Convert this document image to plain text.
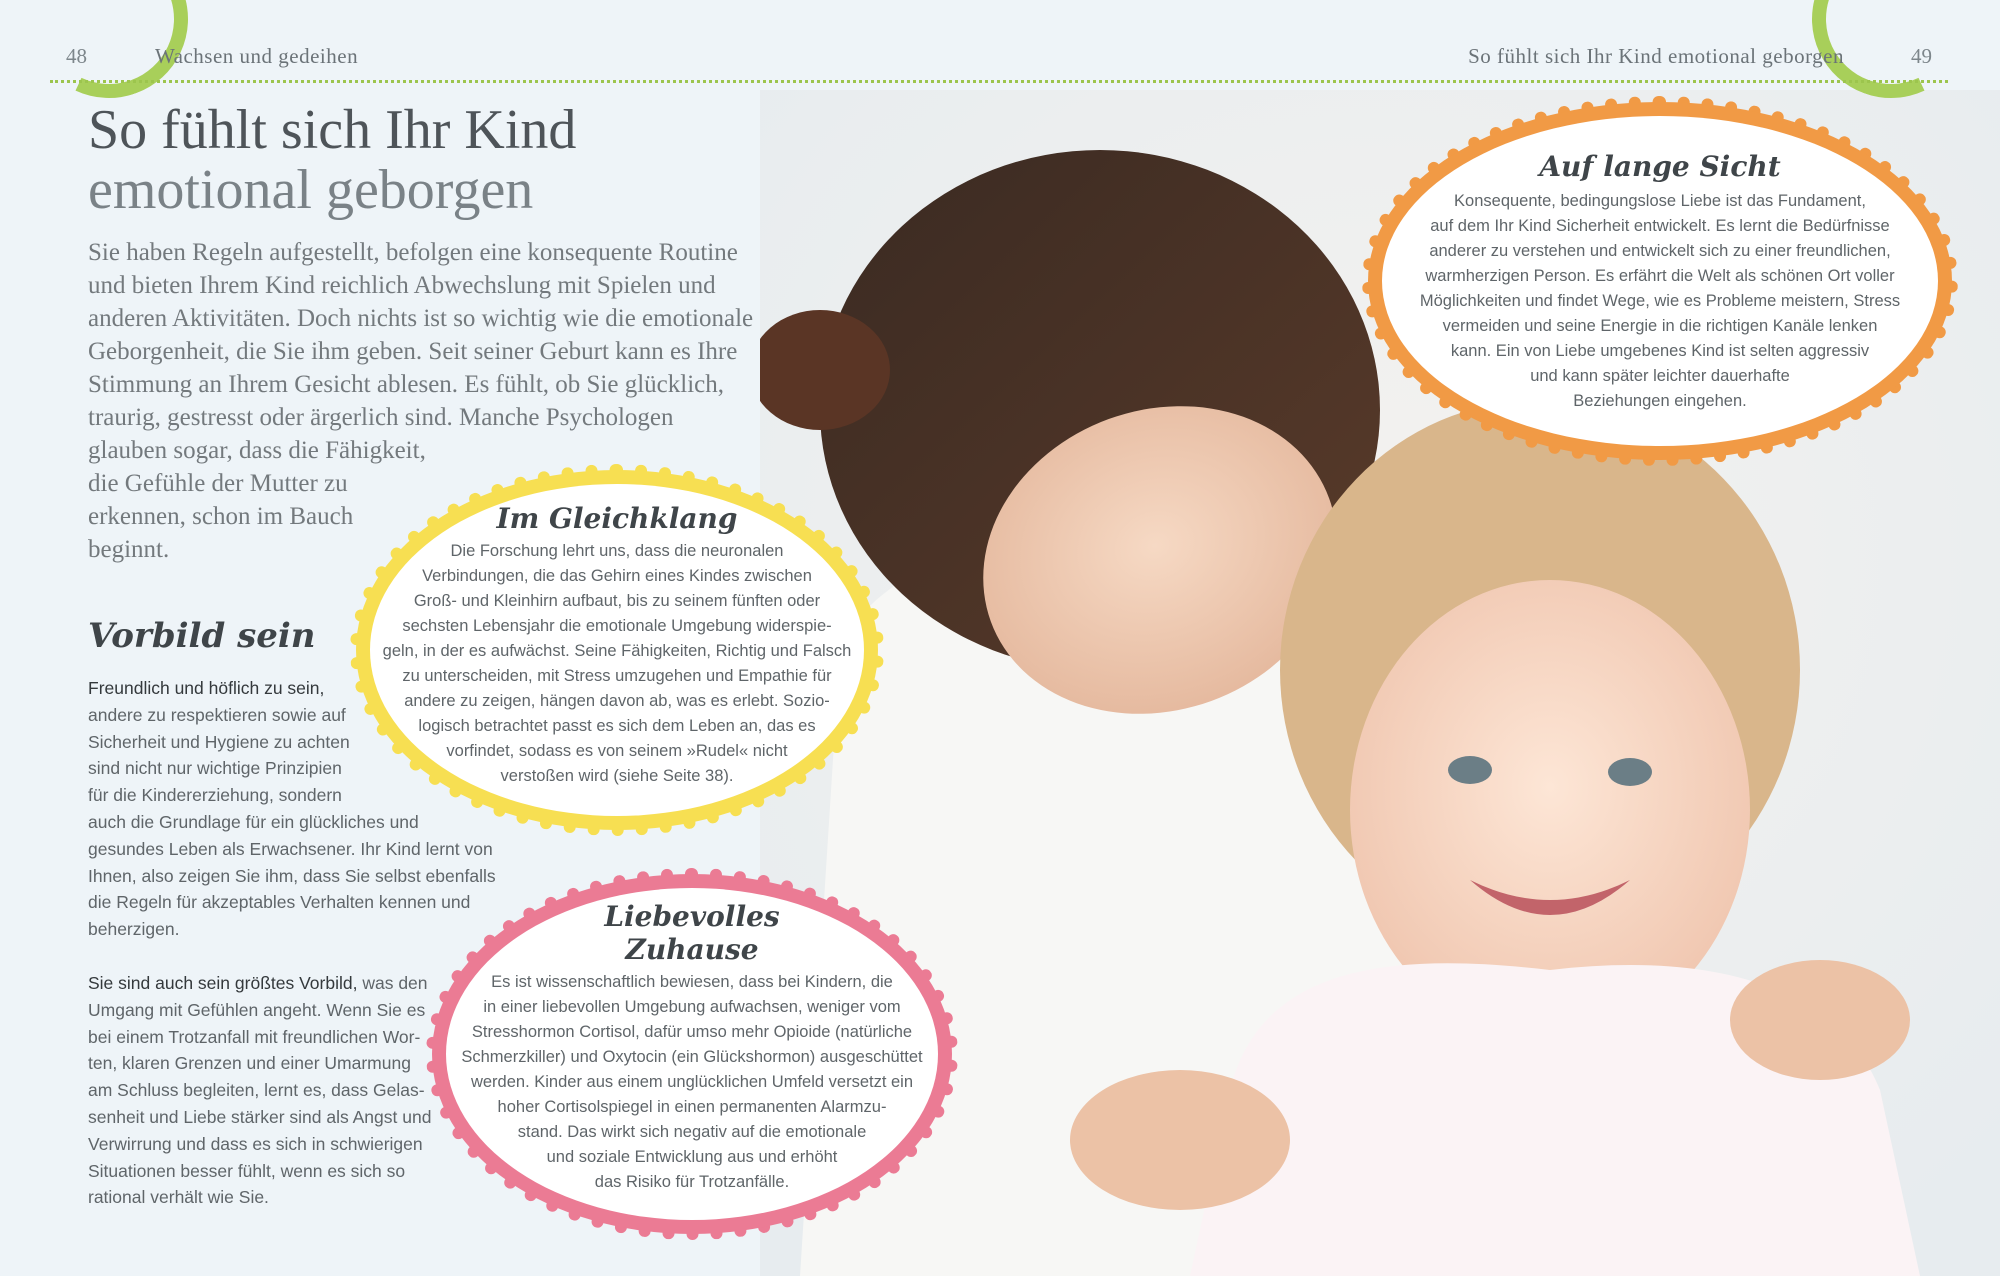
48	Wachsen und gedeihen	So fühlt sich Ihr Kind emotional geborgen	49
So fühlt sich Ihr Kind
emotional geborgen
Sie haben Regeln aufgestellt, befolgen eine konsequente Routine
und bieten Ihrem Kind reichlich Abwechslung mit Spielen und
anderen Aktivitäten. Doch nichts ist so wichtig wie die emotionale
Geborgenheit, die Sie ihm geben. Seit seiner Geburt kann es Ihre
Stimmung an Ihrem Gesicht ablesen. Es fühlt, ob Sie glücklich,
traurig, gestresst oder ärgerlich sind. Manche Psychologen
glauben sogar, dass die Fähigkeit,
die Gefühle der Mutter zu
erkennen, schon im Bauch
beginnt.
Vorbild sein
Freundlich und höflich zu sein,
andere zu respektieren sowie auf
Sicherheit und Hygiene zu achten
sind nicht nur wichtige Prinzipien
für die Kindererziehung, sondern
auch die Grundlage für ein glückliches und
gesundes Leben als Erwachsener. Ihr Kind lernt von
Ihnen, also zeigen Sie ihm, dass Sie selbst ebenfalls
die Regeln für akzeptables Verhalten kennen und
beherzigen.
Sie sind auch sein größtes Vorbild, was den
Umgang mit Gefühlen angeht. Wenn Sie es
bei einem Trotzanfall mit freundlichen Wor-
ten, klaren Grenzen und einer Umarmung
am Schluss begleiten, lernt es, dass Gelas-
senheit und Liebe stärker sind als Angst und
Verwirrung und dass es sich in schwierigen
Situationen besser fühlt, wenn es sich so
rational verhält wie Sie.
Auf lange Sicht
Konsequente, bedingungslose Liebe ist das Fundament,
auf dem Ihr Kind Sicherheit entwickelt. Es lernt die Bedürfnisse
anderer zu verstehen und entwickelt sich zu einer freundlichen,
warmherzigen Person. Es erfährt die Welt als schönen Ort voller
Möglichkeiten und findet Wege, wie es Probleme meistern, Stress
vermeiden und seine Energie in die richtigen Kanäle lenken
kann. Ein von Liebe umgebenes Kind ist selten aggressiv
und kann später leichter dauerhafte
Beziehungen eingehen.
Im Gleichklang
Die Forschung lehrt uns, dass die neuronalen
Verbindungen, die das Gehirn eines Kindes zwischen
Groß- und Kleinhirn aufbaut, bis zu seinem fünften oder
sechsten Lebensjahr die emotionale Umgebung widerspie-
geln, in der es aufwächst. Seine Fähigkeiten, Richtig und Falsch
zu unterscheiden, mit Stress umzugehen und Empathie für
andere zu zeigen, hängen davon ab, was es erlebt. Sozio-
logisch betrachtet passt es sich dem Leben an, das es
vorfindet, sodass es von seinem »Rudel« nicht
verstoßen wird (siehe Seite 38).
Liebevolles
Zuhause
Es ist wissenschaftlich bewiesen, dass bei Kindern, die
in einer liebevollen Umgebung aufwachsen, weniger vom
Stresshormon Cortisol, dafür umso mehr Opioide (natürliche
Schmerzkiller) und Oxytocin (ein Glückshormon) ausgeschüttet
werden. Kinder aus einem unglücklichen Umfeld versetzt ein
hoher Cortisolspiegel in einen permanenten Alarmzu-
stand. Das wirkt sich negativ auf die emotionale
und soziale Entwicklung aus und erhöht
das Risiko für Trotzanfälle.
